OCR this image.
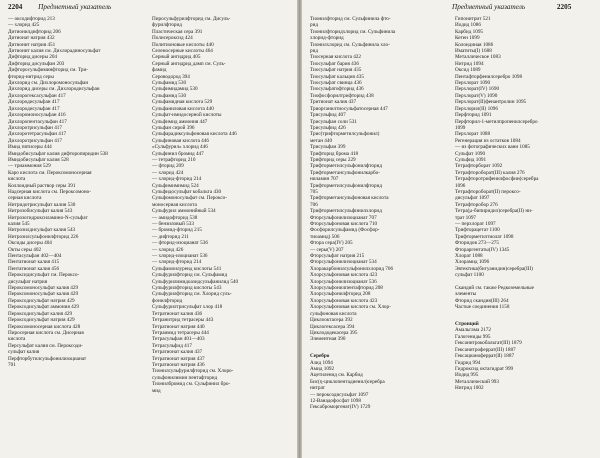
2204 Предметный указатель
— оксодифторид 213
— хлорид 425
Дитионилдифторид 206
Дитионат натрия 432
Дитионит натрия 451
Дитионит калия см. Дихлорадиносульфат
Дифторид дисеры 204
Дифторид дисульфан 203
Дифторосульфиминфторид см. Три-
фторид-нитрид серы
Дихлорид см. Дихлоромоносульфан
Дихлорид дисеры см. Дихлородисульфан
Дихлорогексасульфан 417
Дихлородисульфан 417
Дихлородисульфан 417
Дихлоромоносульфан 416
Дихлоропентасульфан 417
Дихлоротрисульфан 417
Дихлоротетрасульфан 417
Дихлоротрисульфан 417
Имид пятисеры 444
Имидобисульфат калия дифторопиридин 538
Имидобисульфат калия 528
— триаммония 529
Каро кислота см. Пероксомоносерная
кислота
Коллоидный раствор серы 391
Надсерная кислота см. Пероксомоно-
серная кислота
Нитридотрисульфат калия 530
Нитрозобисульфат калия 543
Нитрозогидроксиламино-N-сульфат
калия 545
Нитрозилдисульфат калия 543
Нитрозилсульфонилфторид 226
Оксиды дисеры 404
Окты серы 402
Пентасульфан 402—404
Пентатионат калия 415
Пентатионат калия 456
Пероксидисульфат см. Пероксо-
дисульфат натрия
Пероксомоносульфат калия 429
Пероксомоносульфат калия 429
Пероксодисульфат натрия 429
Пероксодисульфат аммония 429
Пероксодисульфат калия 429
Пероксодисульфат натрия 429
Пероксомоносерная кислота 428
Пиросерная кислота см. Дисерная
кислота
Персульфат калия см. Пероксоди-
сульфат калия
Перфторбутилсульфонилизоцианат
701
Пиросульфурилфторид см. Дисуль-
фурилфторид
Пластическая сера 391
Полисероксид 424
Политионовые кислоты 440
Селеносерные кислоты 464
Серный ангидрид 405
Серный ангидрид дамп см. Суль-
фамид
Сероводород 394
Сульфамид 530
Сульфимидамид 530
Сульфамид 530
Сульфамидная кислота 529
Сульфаниловая кислота 440
Сульфат-имидосерной кислоты
Сульфимид аммония 447
Сульфан сирой 396
Сульфарадиксульфоновая кислота 446
Сульфиновая кислота 446
«Сульфурил» хлорид 446
Сульфинил бромид 447
— тетрафторид 210
— фторид 209
— хлорид 424
— хлорид-фторид 214
Сульфимимимид 524
Сульфидосульфат кобальта 430
Сульфомоносульфат см. Пероксо-
моносерная кислота
Сульфурил аммонийный 534
— амидофторид 538
— бензиловый 533
— бромид-фторид 215
— дифторид 211
— фторид-изоцианат 536
— хлорид 426
— хлорид-изоцианат 536
— хлорид-фторид 214
Сульфамоилуреид кислоты 541
Сульфурилфторид см. Сульфамид
Сульфурилимидоазидсульфанилид 540
Сульфурилфторид кислоты 543
Сульфурилфторид см. Хлорид суль-
фонилфторид
Сульфурилтрисульфат хлор 418
Тетратионат калия 436
Тетранитрид тетрасеры 443
Тетратионат натрия 440
Тетраимид тетрасеры 444
Тетрасульфан 401—403
Тетрасульфид 417
Тетратионат калия 437
Тетратионат натрия 437
Тетратионат натрия 436
Тионилсульфурилфторид см. Хлоро-
сульфонилимин пентафторид
Тионилбромид см. Сульфинил бро-
мид
Предметный указатель	2205
Тионилфторид см. Сульфинила фто-
рид
Тионилфторидхлорид см. Сульфинила
хлорид-фторид
Тионилхлорид см. Сульфинила хло-
рид
Тиосерная кислота 422
Тиосульфат бария 436
Тиосульфат натрия 435
Тиосульфат кальция 435
Тиосульфат свинца 436
Тиосульфатофторид 436
Тиофосфорилтрифторид 438
Тритионат калия 437
Триорганилтиосульфатосерная 447
Трисульфид 407
Трисульфан соли 531
Трисульфид 426
Трис(трифторметилсульфонил)
метан 440
Трисульфан 399
Трифторид брома 418
Трифторид серы 229
Трифторметилсульфонилфторид
Трифторметансульфонилкарбо-
ниламин 707
Трифторметилсульфонилфторид
705
Трифторметансульфоновая кислота
706
Трифторметилсульфинилхлорид
Фторсульфонилизоцианат 707
Фторсульфоновая кислота 710
Фосфорилсульфамид (Фосфор-
тиоамид) 506
Фтора сера(IV) 205
— серы(V) 207
Фторсульфат натрия 215
Фторсульфонилизоцианат 534
Хлоракарбонилсульфонилхлорид 706
Хлорсульфоновая кислота 423
Хлорсульфонилизоцианат 536
Хлорсульфонилпентафторид 208
Хлорсульфонилфторид 208
Хлорсульфоновая кислота 423
Хлорсульфоновая кислота см. Хлор-
сульфоновая кислота
Циклооктасера 392
Циклогексасера 394
Циклододекасера 395
Элементная 390
Серебро
Азид 1094
Амид 1092
Ацетиленид см. Карбид
Бис(η-циклопентадиенил)серебра
нитрат
— пероксодисульфат 1097
12-Ванадофосфат 1098
Гексаброморгенат(IV) 1729
Гипонитрит 521
Иодид 1086
Карбид 1095
Кетен 1099
Колондиная 1086
Иматиты(I) 1688
Металлическое 1083
Нитрид 1094
Оксид 1089
Пентафторфенилсеребро 1098
Перхлорат 1090
Перхлорат(IV) 1690
Перхлорат(V) 1090
Перхлорат(II)фенантролин 1095
Перхлорил(II) 1096
Перфторид 1091
Перфторил-1-метилпропенилсеребро
1099
Перхлорат 1088
Регенерация из остатков 1084
— из фотографических ванн 1085
Сульфат 1090
Сульфид 1091
Тетрафторборат 1092
Тетрафтороборат(III) калия 276
Тетрафторотрифенилфосфин(серебра
1096
Тетрафтороборат(II) пероксо-
дисульфат 1097
Тетрафторобор 276
Тетра(µ-бипиридил)серебра(II) ни-
трат 1097
— перхлорат 1097
Трифторацетат 1100
Трифторметилтиолат 1098
Фторидов 273—275
Фтораргентаты(IV) 1345
Хлорат 1088
Хлорамид 1096
Эвтектика(бигуанидин)серебра(III)
сульфат 1100
Скандий см. также Редкоземельные
элементы
Фторид скандия(III) 264
Частые соединения 1158
Стронций
Амальгама 2172
Галогениды 995
Гексанитрокобальтат(III) 1879
Гексанитроферрат(III) 1887
Гексацианоферрат(II) 1887
Гидрид 994
Гидроксид октагидрат 999
Иодид 995
Металлический 993
Нитрид 1002
